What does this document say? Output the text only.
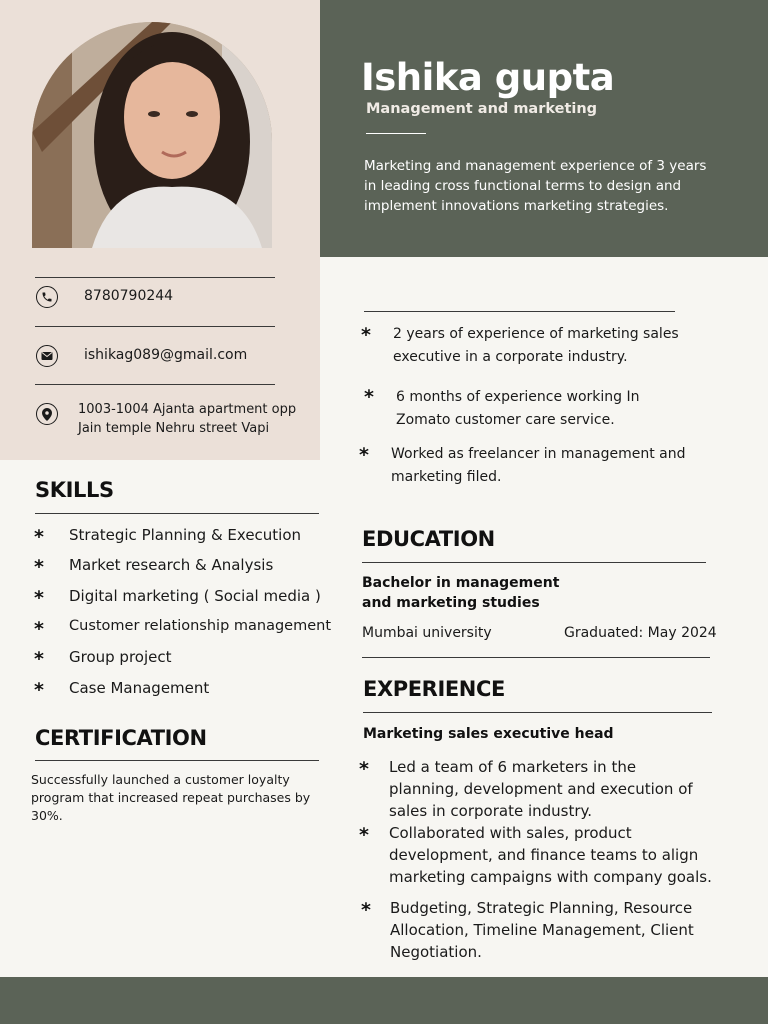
Ishika gupta
Management and marketing
Marketing and management experience of 3 years in leading cross functional terms to design and implement innovations marketing strategies.
8780790244
ishikag089@gmail.com
1003-1004 Ajanta apartment opp
Jain temple Nehru street Vapi
* 2 years of experience of marketing sales executive in a corporate industry.
* 6 months of experience working In Zomato customer care service.
* Worked as freelancer in management and marketing filed.
SKILLS
* Strategic Planning & Execution
* Market research & Analysis
* Digital marketing ( Social media )
* Customer relationship management
* Group project
* Case Management
CERTIFICATION
Successfully launched a customer loyalty program that increased repeat purchases by 30%.
EDUCATION
Bachelor in management and marketing studies
Mumbai university	Graduated: May 2024
EXPERIENCE
Marketing sales executive head
* Led a team of 6 marketers in the planning, development and execution of sales in corporate industry.
* Collaborated with sales, product development, and finance teams to align marketing campaigns with company goals.
* Budgeting, Strategic Planning, Resource Allocation, Timeline Management, Client Negotiation.
